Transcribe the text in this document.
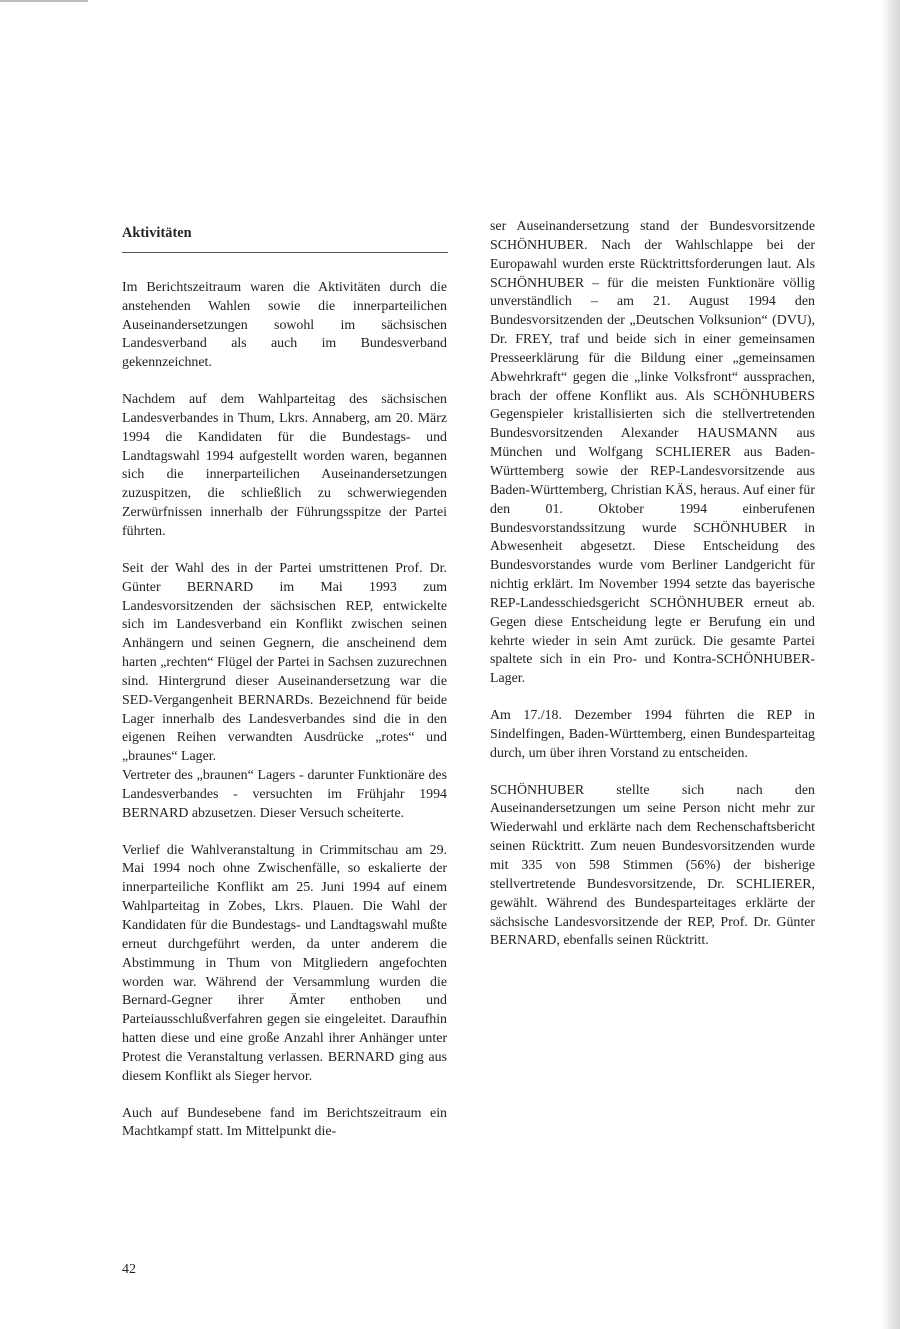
Aktivitäten

Im Berichtszeitraum waren die Aktivitäten durch die anstehenden Wahlen sowie die innerparteilichen Auseinandersetzungen sowohl im sächsischen Landesverband als auch im Bundesverband gekennzeichnet.

Nachdem auf dem Wahlparteitag des sächsischen Landesverbandes in Thum, Lkrs. Annaberg, am 20. März 1994 die Kandidaten für die Bundestags- und Landtagswahl 1994 aufgestellt worden waren, begannen sich die innerparteilichen Auseinandersetzungen zuzuspitzen, die schließlich zu schwerwiegenden Zerwürfnissen innerhalb der Führungsspitze der Partei führten.

Seit der Wahl des in der Partei umstrittenen Prof. Dr. Günter BERNARD im Mai 1993 zum Landesvorsitzenden der sächsischen REP, entwickelte sich im Landesverband ein Konflikt zwischen seinen Anhängern und seinen Gegnern, die anscheinend dem harten „rechten“ Flügel der Partei in Sachsen zuzurechnen sind. Hintergrund dieser Auseinandersetzung war die SED-Vergangenheit BERNARDs. Bezeichnend für beide Lager innerhalb des Landesverbandes sind die in den eigenen Reihen verwandten Ausdrücke „rotes“ und „braunes“ Lager.

Vertreter des „braunen“ Lagers - darunter Funktionäre des Landesverbandes - versuchten im Frühjahr 1994 BERNARD abzusetzen. Dieser Versuch scheiterte.

Verlief die Wahlveranstaltung in Crimmitschau am 29. Mai 1994 noch ohne Zwischenfälle, so eskalierte der innerparteiliche Konflikt am 25. Juni 1994 auf einem Wahlparteitag in Zobes, Lkrs. Plauen. Die Wahl der Kandidaten für die Bundestags- und Landtagswahl mußte erneut durchgeführt werden, da unter anderem die Abstimmung in Thum von Mitgliedern angefochten worden war. Während der Versammlung wurden die Bernard-Gegner ihrer Ämter enthoben und Parteiausschlußverfahren gegen sie eingeleitet. Daraufhin hatten diese und eine große Anzahl ihrer Anhänger unter Protest die Veranstaltung verlassen. BERNARD ging aus diesem Konflikt als Sieger hervor.

Auch auf Bundesebene fand im Berichtszeitraum ein Machtkampf statt. Im Mittelpunkt die-

ser Auseinandersetzung stand der Bundesvorsitzende SCHÖNHUBER. Nach der Wahlschlappe bei der Europawahl wurden erste Rücktrittsforderungen laut. Als SCHÖNHUBER – für die meisten Funktionäre völlig unverständlich – am 21. August 1994 den Bundesvorsitzenden der „Deutschen Volksunion“ (DVU), Dr. FREY, traf und beide sich in einer gemeinsamen Presseerklärung für die Bildung einer „gemeinsamen Abwehrkraft“ gegen die „linke Volksfront“ aussprachen, brach der offene Konflikt aus. Als SCHÖNHUBERS Gegenspieler kristallisierten sich die stellvertretenden Bundesvorsitzenden Alexander HAUSMANN aus München und Wolfgang SCHLIERER aus Baden-Württemberg sowie der REP-Landesvorsitzende aus Baden-Württemberg, Christian KÄS, heraus. Auf einer für den 01. Oktober 1994 einberufenen Bundesvorstandssitzung wurde SCHÖNHUBER in Abwesenheit abgesetzt. Diese Entscheidung des Bundesvorstandes wurde vom Berliner Landgericht für nichtig erklärt. Im November 1994 setzte das bayerische REP-Landesschiedsgericht SCHÖNHUBER erneut ab. Gegen diese Entscheidung legte er Berufung ein und kehrte wieder in sein Amt zurück. Die gesamte Partei spaltete sich in ein Pro- und Kontra-SCHÖNHUBER-Lager.

Am 17./18. Dezember 1994 führten die REP in Sindelfingen, Baden-Württemberg, einen Bundesparteitag durch, um über ihren Vorstand zu entscheiden.

SCHÖNHUBER stellte sich nach den Auseinandersetzungen um seine Person nicht mehr zur Wiederwahl und erklärte nach dem Rechenschaftsbericht seinen Rücktritt. Zum neuen Bundesvorsitzenden wurde mit 335 von 598 Stimmen (56%) der bisherige stellvertretende Bundesvorsitzende, Dr. SCHLIERER, gewählt. Während des Bundesparteitages erklärte der sächsische Landesvorsitzende der REP, Prof. Dr. Günter BERNARD, ebenfalls seinen Rücktritt.

42
